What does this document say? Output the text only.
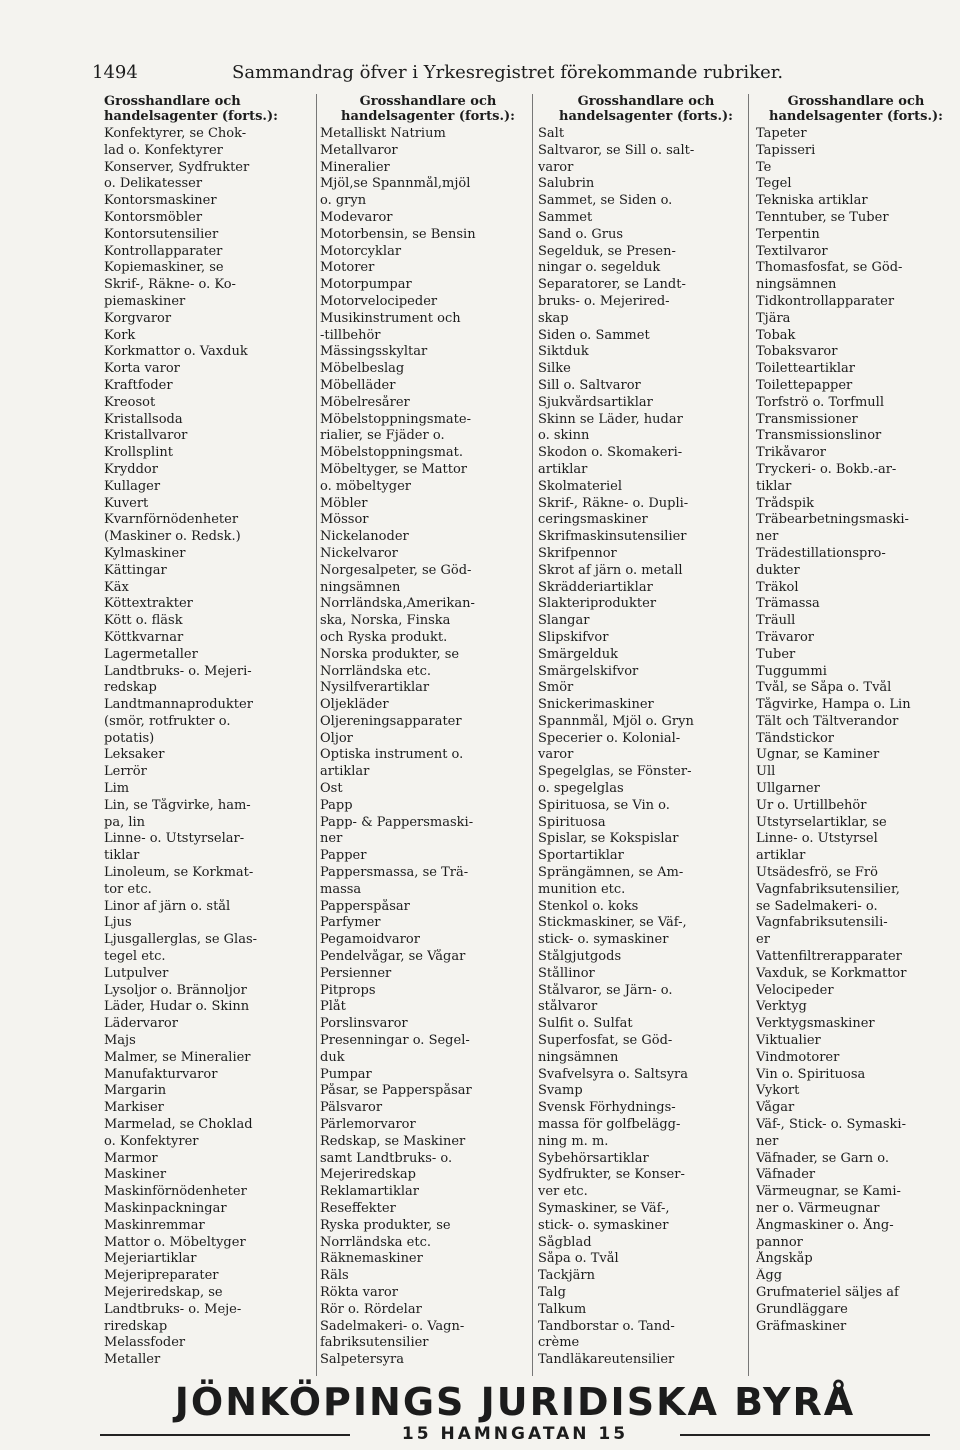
1494	Sammandrag öfver i Yrkesregistret förekommande rubriker.
Grosshandlare och
handelsagenter (forts.):
Konfektyrer, se Chok-
lad o. Konfektyrer
Konserver, Sydfrukter
o. Delikatesser
Kontorsmaskiner
Kontorsmöbler
Kontorsutensilier
Kontrollapparater
Kopiemaskiner, se
Skrif-, Räkne- o. Ko-
piemaskiner
Korgvaror
Kork
Korkmattor o. Vaxduk
Korta varor
Kraftfoder
Kreosot
Kristallsoda
Kristallvaror
Krollsplint
Kryddor
Kullager
Kuvert
Kvarnförnödenheter
(Maskiner o. Redsk.)
Kylmaskiner
Kättingar
Käx
Köttextrakter
Kött o. fläsk
Köttkvarnar
Lagermetaller
Landtbruks- o. Mejeri-
redskap
Landtmannaprodukter
(smör, rotfrukter o.
potatis)
Leksaker
Lerrör
Lim
Lin, se Tågvirke, ham-
pa, lin
Linne- o. Utstyrselar-
tiklar
Linoleum, se Korkmat-
tor etc.
Linor af järn o. stål
Ljus
Ljusgallerglas, se Glas-
tegel etc.
Lutpulver
Lysoljor o. Brännoljor
Läder, Hudar o. Skinn
Lädervaror
Majs
Malmer, se Mineralier
Manufakturvaror
Margarin
Markiser
Marmelad, se Choklad
o. Konfektyrer
Marmor
Maskiner
Maskinförnödenheter
Maskinpackningar
Maskinremmar
Mattor o. Möbeltyger
Mejeriartiklar
Mejeripreparater
Mejeriredskap, se
Landtbruks- o. Meje-
riredskap
Melassfoder
Metaller
Grosshandlare och
handelsagenter (forts.):
Metalliskt Natrium
Metallvaror
Mineralier
Mjöl,se Spannmål,mjöl
o. gryn
Modevaror
Motorbensin, se Bensin
Motorcyklar
Motorer
Motorpumpar
Motorvelocipeder
Musikinstrument och
-tillbehör
Mässingsskyltar
Möbelbeslag
Möbelläder
Möbelresårer
Möbelstoppningsmate-
rialier, se Fjäder o.
Möbelstoppningsmat.
Möbeltyger, se Mattor
o. möbeltyger
Möbler
Mössor
Nickelanoder
Nickelvaror
Norgesalpeter, se Göd-
ningsämnen
Norrländska,Amerikan-
ska, Norska, Finska
och Ryska produkt.
Norska produkter, se
Norrländska etc.
Nysilfverartiklar
Oljekläder
Oljereningsapparater
Oljor
Optiska instrument o.
artiklar
Ost
Papp
Papp- & Pappersmaski-
ner
Papper
Pappersmassa, se Trä-
massa
Papperspåsar
Parfymer
Pegamoidvaror
Pendelvågar, se Vågar
Persienner
Pitprops
Plåt
Porslinsvaror
Presenningar o. Segel-
duk
Pumpar
Påsar, se Papperspåsar
Pälsvaror
Pärlemorvaror
Redskap, se Maskiner
samt Landtbruks- o.
Mejeriredskap
Reklamartiklar
Reseffekter
Ryska produkter, se
Norrländska etc.
Räknemaskiner
Räls
Rökta varor
Rör o. Rördelar
Sadelmakeri- o. Vagn-
fabriksutensilier
Salpetersyra
Grosshandlare och
handelsagenter (forts.):
Salt
Saltvaror, se Sill o. salt-
varor
Salubrin
Sammet, se Siden o.
Sammet
Sand o. Grus
Segelduk, se Presen-
ningar o. segelduk
Separatorer, se Landt-
bruks- o. Mejerired-
skap
Siden o. Sammet
Siktduk
Silke
Sill o. Saltvaror
Sjukvårdsartiklar
Skinn se Läder, hudar
o. skinn
Skodon o. Skomakeri-
artiklar
Skolmateriel
Skrif-, Räkne- o. Dupli-
ceringsmaskiner
Skrifmaskinsutensilier
Skrifpennor
Skrot af järn o. metall
Skrädderiartiklar
Slakteriprodukter
Slangar
Slipskifvor
Smärgelduk
Smärgelskifvor
Smör
Snickerimaskiner
Spannmål, Mjöl o. Gryn
Specerier o. Kolonial-
varor
Spegelglas, se Fönster-
o. spegelglas
Spirituosa, se Vin o.
Spirituosa
Spislar, se Kokspislar
Sportartiklar
Sprängämnen, se Am-
munition etc.
Stenkol o. koks
Stickmaskiner, se Väf-,
stick- o. symaskiner
Stålgjutgods
Stållinor
Stålvaror, se Järn- o.
stålvaror
Sulfit o. Sulfat
Superfosfat, se Göd-
ningsämnen
Svafvelsyra o. Saltsyra
Svamp
Svensk Förhydnings-
massa för golfbelägg-
ning m. m.
Sybehörsartiklar
Sydfrukter, se Konser-
ver etc.
Symaskiner, se Väf-,
stick- o. symaskiner
Sågblad
Såpa o. Tvål
Tackjärn
Talg
Talkum
Tandborstar o. Tand-
crème
Tandläkareutensilier
Grosshandlare och
handelsagenter (forts.):
Tapeter
Tapisseri
Te
Tegel
Tekniska artiklar
Tenntuber, se Tuber
Terpentin
Textilvaror
Thomasfosfat, se Göd-
ningsämnen
Tidkontrollapparater
Tjära
Tobak
Tobaksvaror
Toiletteartiklar
Toilettepapper
Torfströ o. Torfmull
Transmissioner
Transmissionslinor
Trikåvaror
Tryckeri- o. Bokb.-ar-
tiklar
Trådspik
Träbearbetningsmaski-
ner
Trädestillationspro-
dukter
Träkol
Trämassa
Träull
Trävaror
Tuber
Tuggummi
Tvål, se Såpa o. Tvål
Tågvirke, Hampa o. Lin
Tält och Tältverandor
Tändstickor
Ugnar, se Kaminer
Ull
Ullgarner
Ur o. Urtillbehör
Utstyrselartiklar, se
Linne- o. Utstyrsel
artiklar
Utsädesfrö, se Frö
Vagnfabriksutensilier,
se Sadelmakeri- o.
Vagnfabriksutensili-
er
Vattenfiltrerapparater
Vaxduk, se Korkmattor
Velocipeder
Verktyg
Verktygsmaskiner
Viktualier
Vindmotorer
Vin o. Spirituosa
Vykort
Vågar
Väf-, Stick- o. Symaski-
ner
Väfnader, se Garn o.
Väfnader
Värmeugnar, se Kami-
ner o. Värmeugnar
Ångmaskiner o. Ång-
pannor
Ångskåp
Ägg
Grufmateriel säljes af
Grundläggare
Gräfmaskiner
JÖNKÖPINGS JURIDISKA BYRÅ
15 HAMNGATAN 15
